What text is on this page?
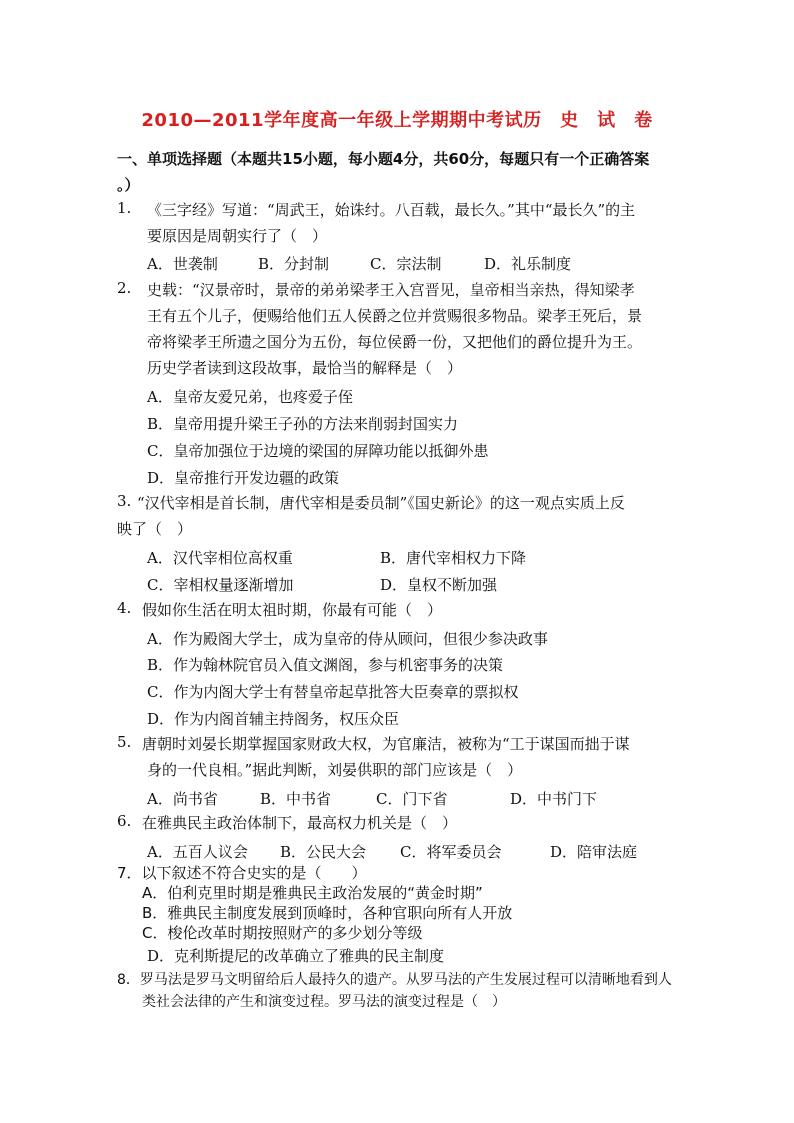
2010—2011学年度高一年级上学期期中考试历　史　试　卷
一、单项选择题（本题共15小题，每小题4分，共60分，每题只有一个正确答案
。）
1. 《三字经》写道：“周武王，始诛纣。八百载，最长久。”其中“最长久”的主
要原因是周朝实行了（　）
A．世袭制	B．分封制	C．宗法制	D．礼乐制度
2. 史载：“汉景帝时，景帝的弟弟梁孝王入宫晋见，皇帝相当亲热，得知梁孝
王有五个儿子，便赐给他们五人侯爵之位并赏赐很多物品。梁孝王死后，景
帝将梁孝王所遗之国分为五份，每位侯爵一份，又把他们的爵位提升为王。
历史学者读到这段故事，最恰当的解释是（　）
A．皇帝友爱兄弟，也疼爱子侄
B．皇帝用提升梁王子孙的方法来削弱封国实力
C．皇帝加强位于边境的梁国的屏障功能以抵御外患
D．皇帝推行开发边疆的政策
3. “汉代宰相是首长制，唐代宰相是委员制”《国史新论》的这一观点实质上反
映了（　）
A．汉代宰相位高权重	B．唐代宰相权力下降
C．宰相权量逐渐增加	D．皇权不断加强
4. 假如你生活在明太祖时期，你最有可能（　）
A．作为殿阁大学士，成为皇帝的侍从顾问，但很少参决政事
B．作为翰林院官员入值文渊阁，参与机密事务的决策
C．作为内阁大学士有替皇帝起草批答大臣奏章的票拟权
D．作为内阁首辅主持阁务，权压众臣
5. 唐朝时刘晏长期掌握国家财政大权，为官廉洁，被称为“工于谋国而拙于谋
身的一代良相。”据此判断，刘晏供职的部门应该是（　）
A．尚书省	B．中书省	C．门下省	D．中书门下
6. 在雅典民主政治体制下，最高权力机关是（　）
A．五百人议会 B．公民大会 C．将军委员会	D．陪审法庭
7．以下叙述不符合史实的是（　　）
A．伯利克里时期是雅典民主政治发展的“黄金时期”
B．雅典民主制度发展到顶峰时，各种官职向所有人开放
C．梭伦改革时期按照财产的多少划分等级
D．克利斯提尼的改革确立了雅典的民主制度
8．罗马法是罗马文明留给后人最持久的遗产。从罗马法的产生发展过程可以清晰地看到人
类社会法律的产生和演变过程。罗马法的演变过程是（　）
